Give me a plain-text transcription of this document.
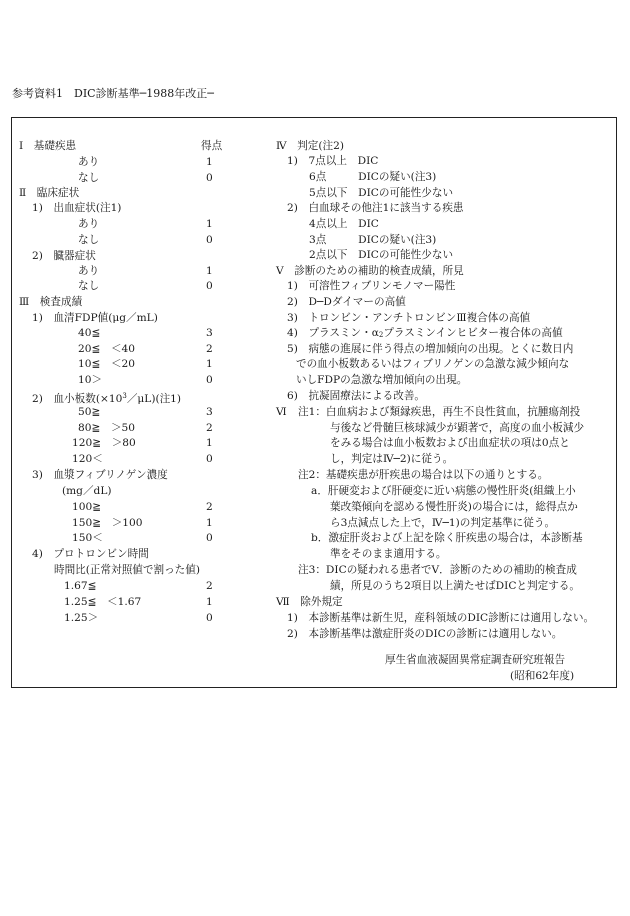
参考資料1　DIC診断基準─1988年改正─
Ⅰ　基礎疾患	得点
あり	1
なし	0
Ⅱ　臨床症状
1)　出血症状(注1)
あり	1
なし	0
2)　臓器症状
あり	1
なし	0
Ⅲ　検査成績
1)　血清FDP値(μg／mL)
40≦	3
20≦　＜40	2
10≦　＜20	1
10＞	0
2)　血小板数$(\times 10^3/\mu L)$(注1)
50≧	3
80≧　＞50	2
120≧　＞80	1
120＜	0
3)　血漿フィブリノゲン濃度
(mg／dL)
100≧	2
150≧　＞100	1
150＜	0
4)　プロトロンビン時間
時間比(正常対照値で割った値)
1.67≦	2
1.25≦　＜1.67	1
1.25＞	0
Ⅳ　判定(注2)
1)　7点以上　DIC
6点　　　DICの疑い(注3)
5点以下　DICの可能性少ない
2)　白血球その他注1に該当する疾患
4点以上　DIC
3点　　　DICの疑い(注3)
2点以下　DICの可能性少ない
Ⅴ　診断のための補助的検査成績，所見
1)　可溶性フィブリンモノマー陽性
2)　D─Dダイマーの高値
3)　トロンビン・アンチトロンビンⅢ複合体の高値
4)　プラスミン・$\alpha_2$プラスミンインヒビター複合体の高値
5)　病態の進展に伴う得点の増加傾向の出現。とくに数日内
での血小板数あるいはフィブリノゲンの急激な減少傾向な
いしFDPの急激な増加傾向の出現。
6)　抗凝固療法による改善。
Ⅵ 注1：白血病および類縁疾患，再生不良性貧血，抗腫瘍剤投
与後など骨髄巨核球減少が顕著で，高度の血小板減少
をみる場合は血小板数および出血症状の項は0点と
し，判定はⅣ─2)に従う。
注2：基礎疾患が肝疾患の場合は以下の通りとする。
a．肝硬変および肝硬変に近い病態の慢性肝炎(組織上小
葉改築傾向を認める慢性肝炎)の場合には，総得点か
ら3点減点した上で，Ⅳ─1)の判定基準に従う。
b．激症肝炎および上記を除く肝疾患の場合は，本診断基
準をそのまま適用する。
注3：DICの疑われる患者でⅤ．診断のための補助的検査成
績，所見のうち2項目以上満たせばDICと判定する。
Ⅶ　除外規定
1)　本診断基準は新生児，産科領域のDIC診断には適用しない。
2)　本診断基準は激症肝炎のDICの診断には適用しない。
厚生省血液凝固異常症調査研究班報告
(昭和62年度)
